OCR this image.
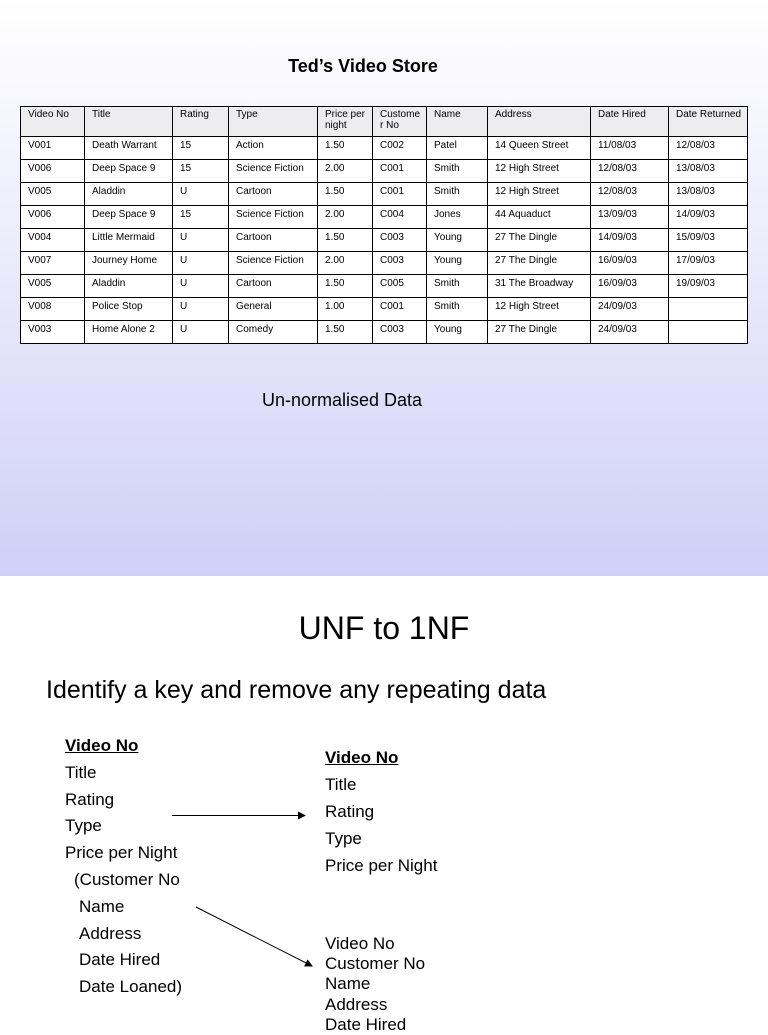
Ted’s Video Store
Video No	Title	Rating	Type	Price per night	Custome r No	Name	Address	Date Hired	Date Returned
V001	Death Warrant	15	Action	1.50	C002	Patel	14 Queen Street	11/08/03	12/08/03
V006	Deep Space 9	15	Science Fiction	2.00	C001	Smith	12 High Street	12/08/03	13/08/03
V005	Aladdin	U	Cartoon	1.50	C001	Smith	12 High Street	12/08/03	13/08/03
V006	Deep Space 9	15	Science Fiction	2.00	C004	Jones	44 Aquaduct	13/09/03	14/09/03
V004	Little Mermaid	U	Cartoon	1.50	C003	Young	27 The Dingle	14/09/03	15/09/03
V007	Journey Home	U	Science Fiction	2.00	C003	Young	27 The Dingle	16/09/03	17/09/03
V005	Aladdin	U	Cartoon	1.50	C005	Smith	31 The Broadway	16/09/03	19/09/03
V008	Police Stop	U	General	1.00	C001	Smith	12 High Street	24/09/03	
V003	Home Alone 2	U	Comedy	1.50	C003	Young	27 The Dingle	24/09/03	
Un-normalised Data
UNF to 1NF
Identify a key and remove any repeating data
Video No
Title
Rating
Type
Price per Night
(Customer No
Name
Address
Date Hired
Date Loaned)
Video No
Title
Rating
Type
Price per Night
Video No
Customer No
Name
Address
Date Hired
